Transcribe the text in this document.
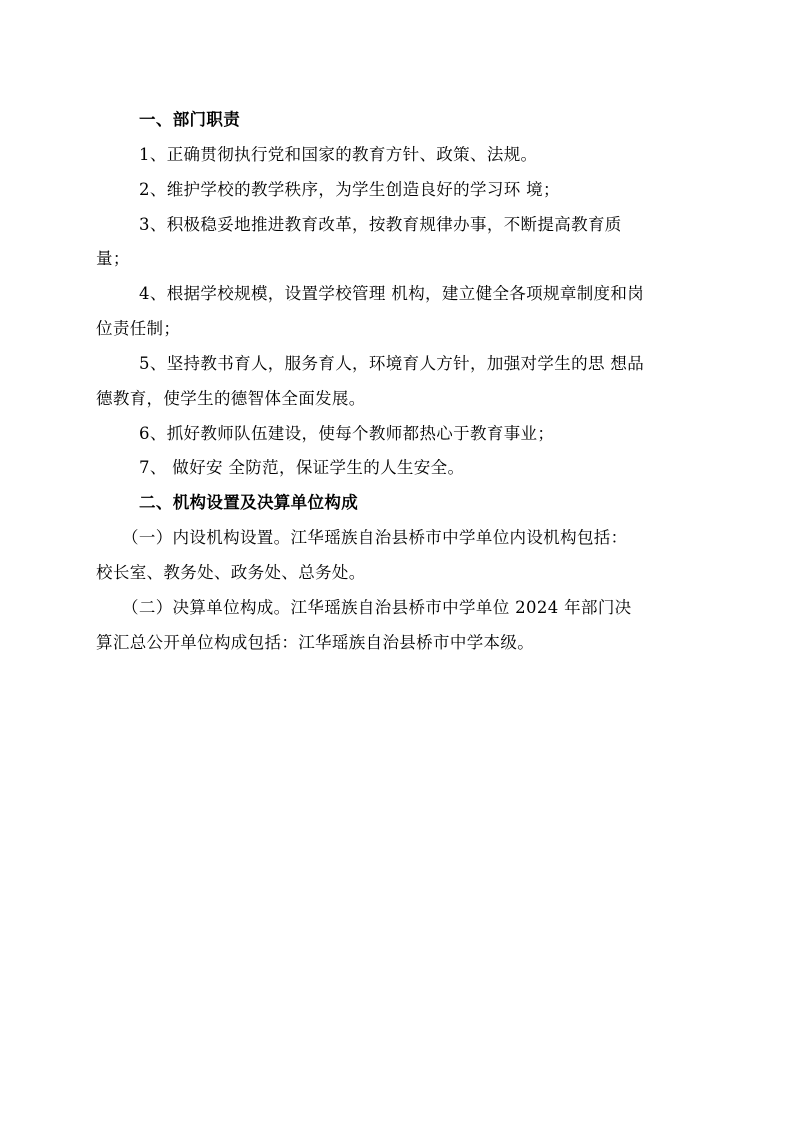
一、部门职责
1、正确贯彻执行党和国家的教育方针、政策、法规。
2、维护学校的教学秩序，为学生创造良好的学习环 境；
3、积极稳妥地推进教育改革，按教育规律办事，不断提高教育质
量；
4、根据学校规模，设置学校管理 机构，建立健全各项规章制度和岗
位责任制；
5、坚持教书育人，服务育人，环境育人方针，加强对学生的思 想品
德教育，使学生的德智体全面发展。
6、抓好教师队伍建设，使每个教师都热心于教育事业；
7、 做好安 全防范，保证学生的人生安全。
二、机构设置及决算单位构成
（一）内设机构设置。江华瑶族自治县桥市中学单位内设机构包括：
校长室、教务处、政务处、总务处。
（二）决算单位构成。江华瑶族自治县桥市中学单位 2024 年部门决
算汇总公开单位构成包括：江华瑶族自治县桥市中学本级。
